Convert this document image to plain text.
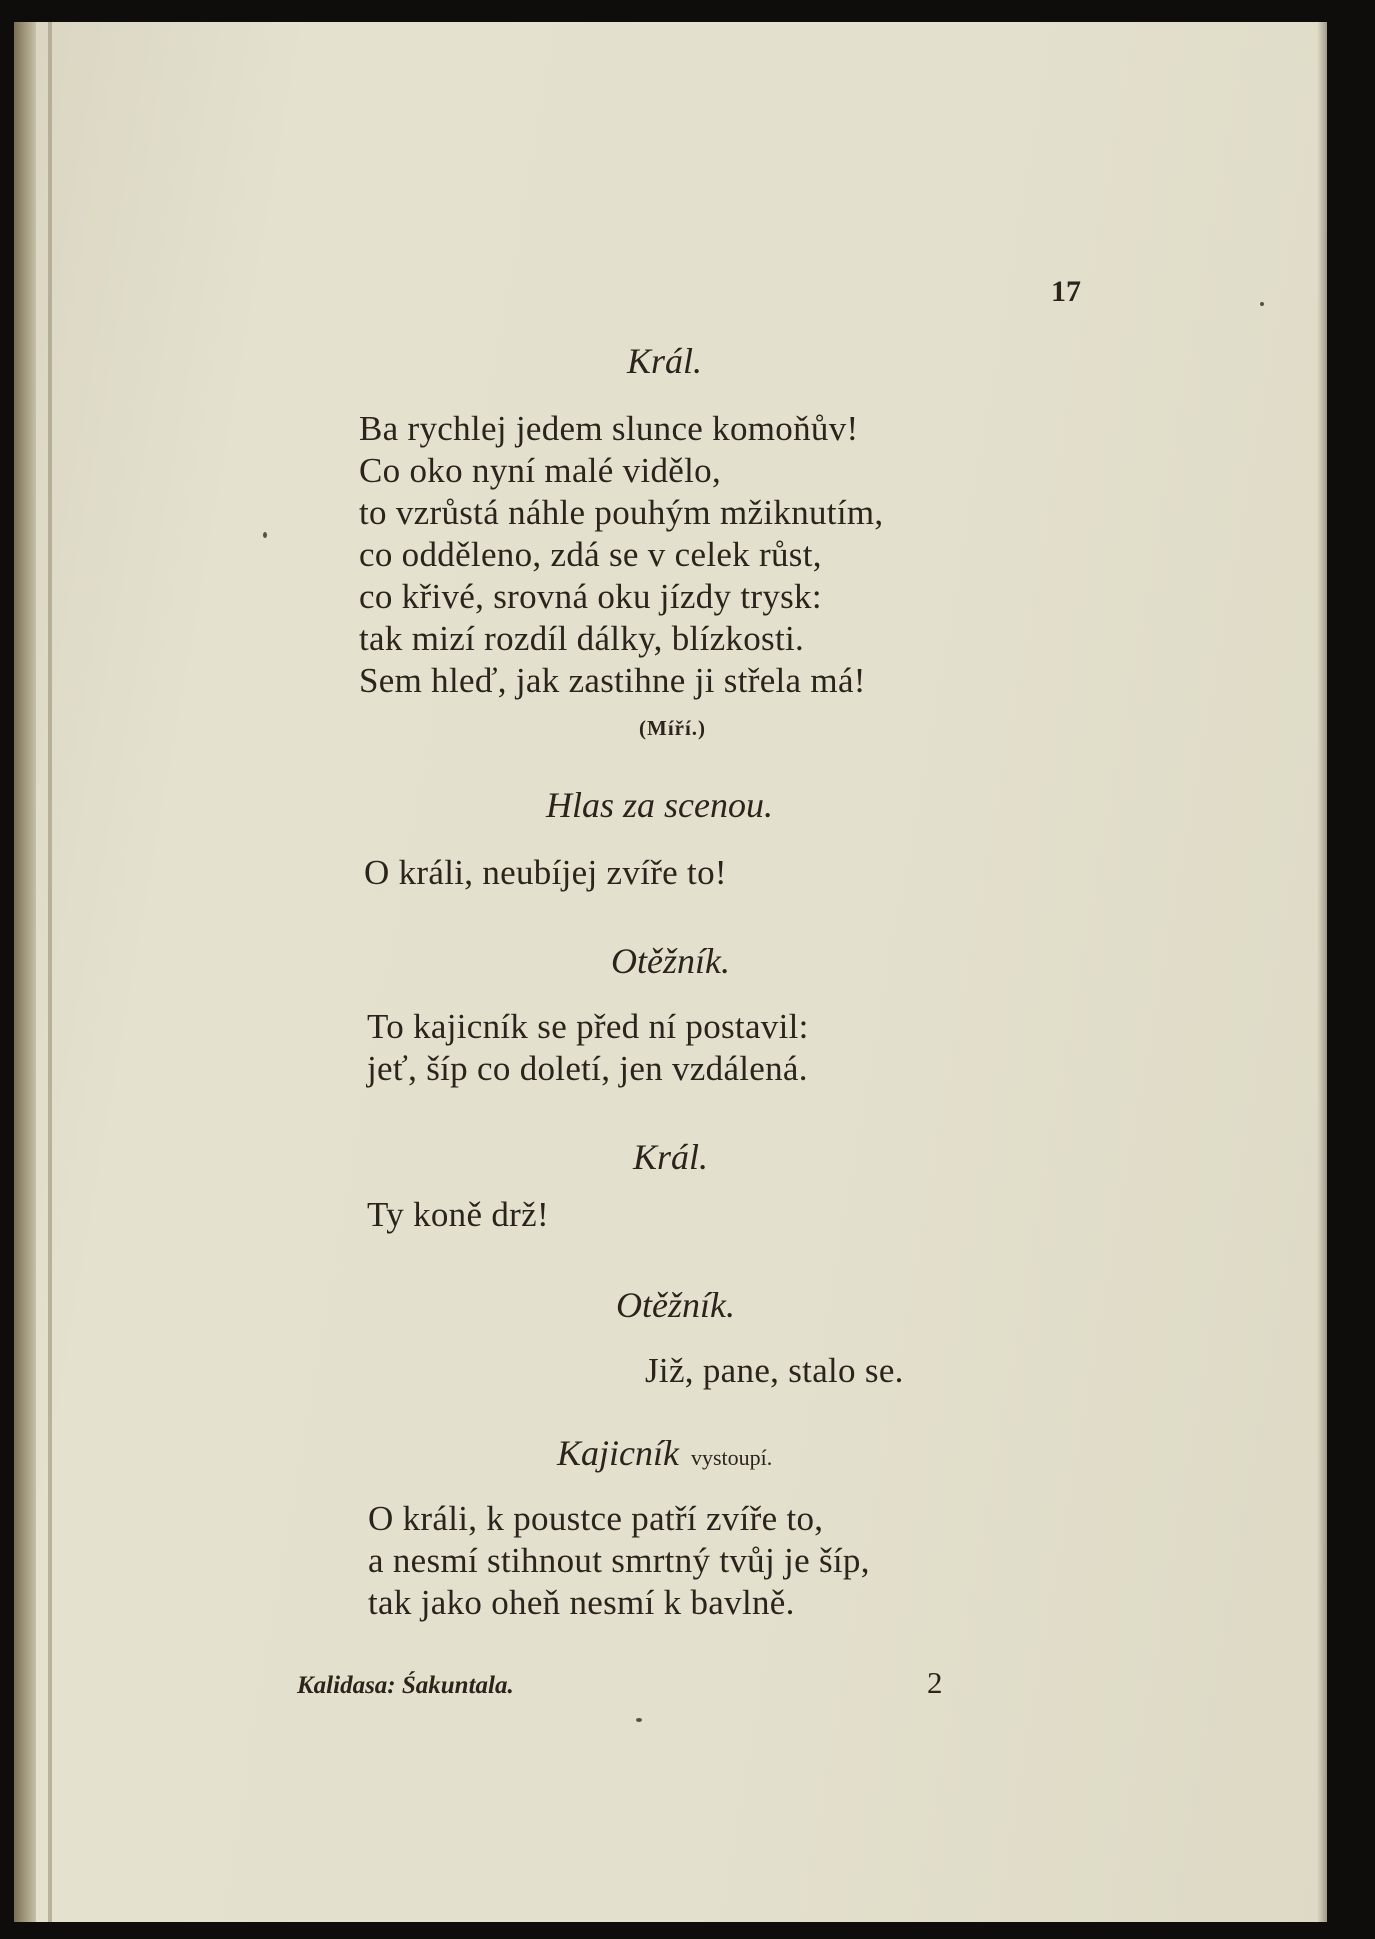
17
Král.
Ba rychlej jedem slunce komoňův!
Co oko nyní malé vidělo,
to vzrůstá náhle pouhým mžiknutím,
co odděleno, zdá se v celek růst,
co křivé, srovná oku jízdy trysk:
tak mizí rozdíl dálky, blízkosti.
Sem hleď, jak zastihne ji střela má!
(Míří.)
Hlas za scenou.
O králi, neubíjej zvíře to!
Otěžník.
To kajicník se před ní postavil:
jeť, šíp co doletí, jen vzdálená.
Král.
Ty koně drž!
Otěžník.
Již, pane, stalo se.
Kajicník vystoupí.
O králi, k poustce patří zvíře to,
a nesmí stihnout smrtný tvůj je šíp,
tak jako oheň nesmí k bavlně.
Kalidasa: Śakuntala.	2
